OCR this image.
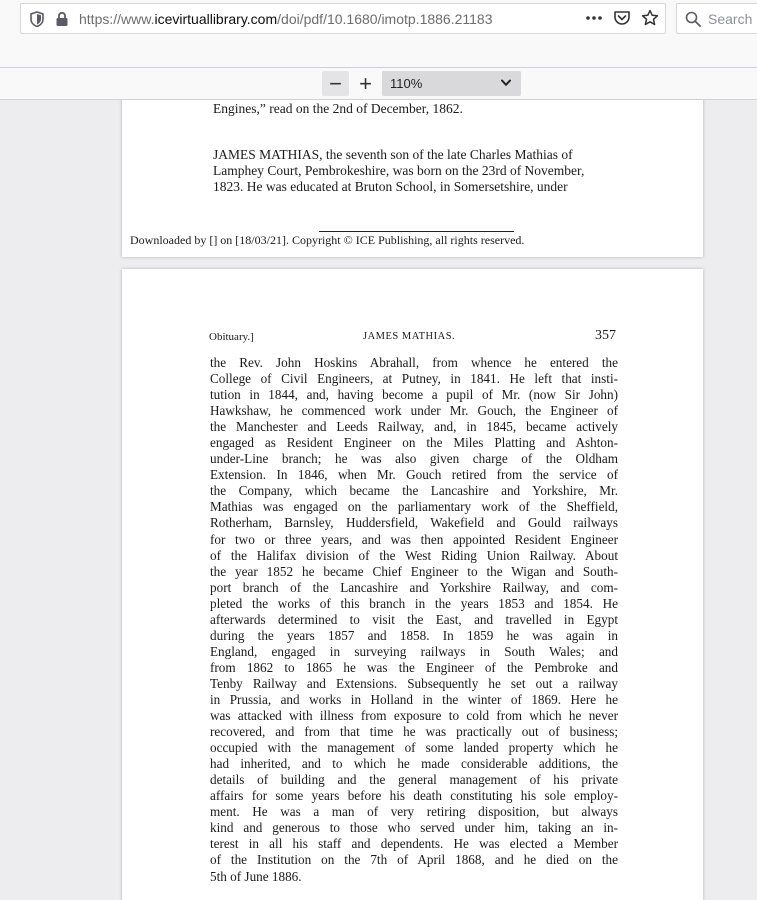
https://www.icevirtuallibrary.com/doi/pdf/10.1680/imotp.1886.21183	Search
− +	110%
Engines,” read on the 2nd of December, 1862.
JAMES MATHIAS, the seventh son of the late Charles Mathias of
Lamphey Court, Pembrokeshire, was born on the 23rd of November,
1823. He was educated at Bruton School, in Somersetshire, under
Downloaded by [] on [18/03/21]. Copyright © ICE Publishing, all rights reserved.
Obituary.]	JAMES MATHIAS.	357
the Rev. John Hoskins Abrahall, from whence he entered the
College of Civil Engineers, at Putney, in 1841. He left that insti-
tution in 1844, and, having become a pupil of Mr. (now Sir John)
Hawkshaw, he commenced work under Mr. Gouch, the Engineer of
the Manchester and Leeds Railway, and, in 1845, became actively
engaged as Resident Engineer on the Miles Platting and Ashton-
under-Line branch; he was also given charge of the Oldham
Extension. In 1846, when Mr. Gouch retired from the service of
the Company, which became the Lancashire and Yorkshire, Mr.
Mathias was engaged on the parliamentary work of the Sheffield,
Rotherham, Barnsley, Huddersfield, Wakefield and Gould railways
for two or three years, and was then appointed Resident Engineer
of the Halifax division of the West Riding Union Railway. About
the year 1852 he became Chief Engineer to the Wigan and South-
port branch of the Lancashire and Yorkshire Railway, and com-
pleted the works of this branch in the years 1853 and 1854. He
afterwards determined to visit the East, and travelled in Egypt
during the years 1857 and 1858. In 1859 he was again in
England, engaged in surveying railways in South Wales; and
from 1862 to 1865 he was the Engineer of the Pembroke and
Tenby Railway and Extensions. Subsequently he set out a railway
in Prussia, and works in Holland in the winter of 1869. Here he
was attacked with illness from exposure to cold from which he never
recovered, and from that time he was practically out of business;
occupied with the management of some landed property which he
had inherited, and to which he made considerable additions, the
details of building and the general management of his private
affairs for some years before his death constituting his sole employ-
ment. He was a man of very retiring disposition, but always
kind and generous to those who served under him, taking an in-
terest in all his staff and dependents. He was elected a Member
of the Institution on the 7th of April 1868, and he died on the
5th of June 1886.
